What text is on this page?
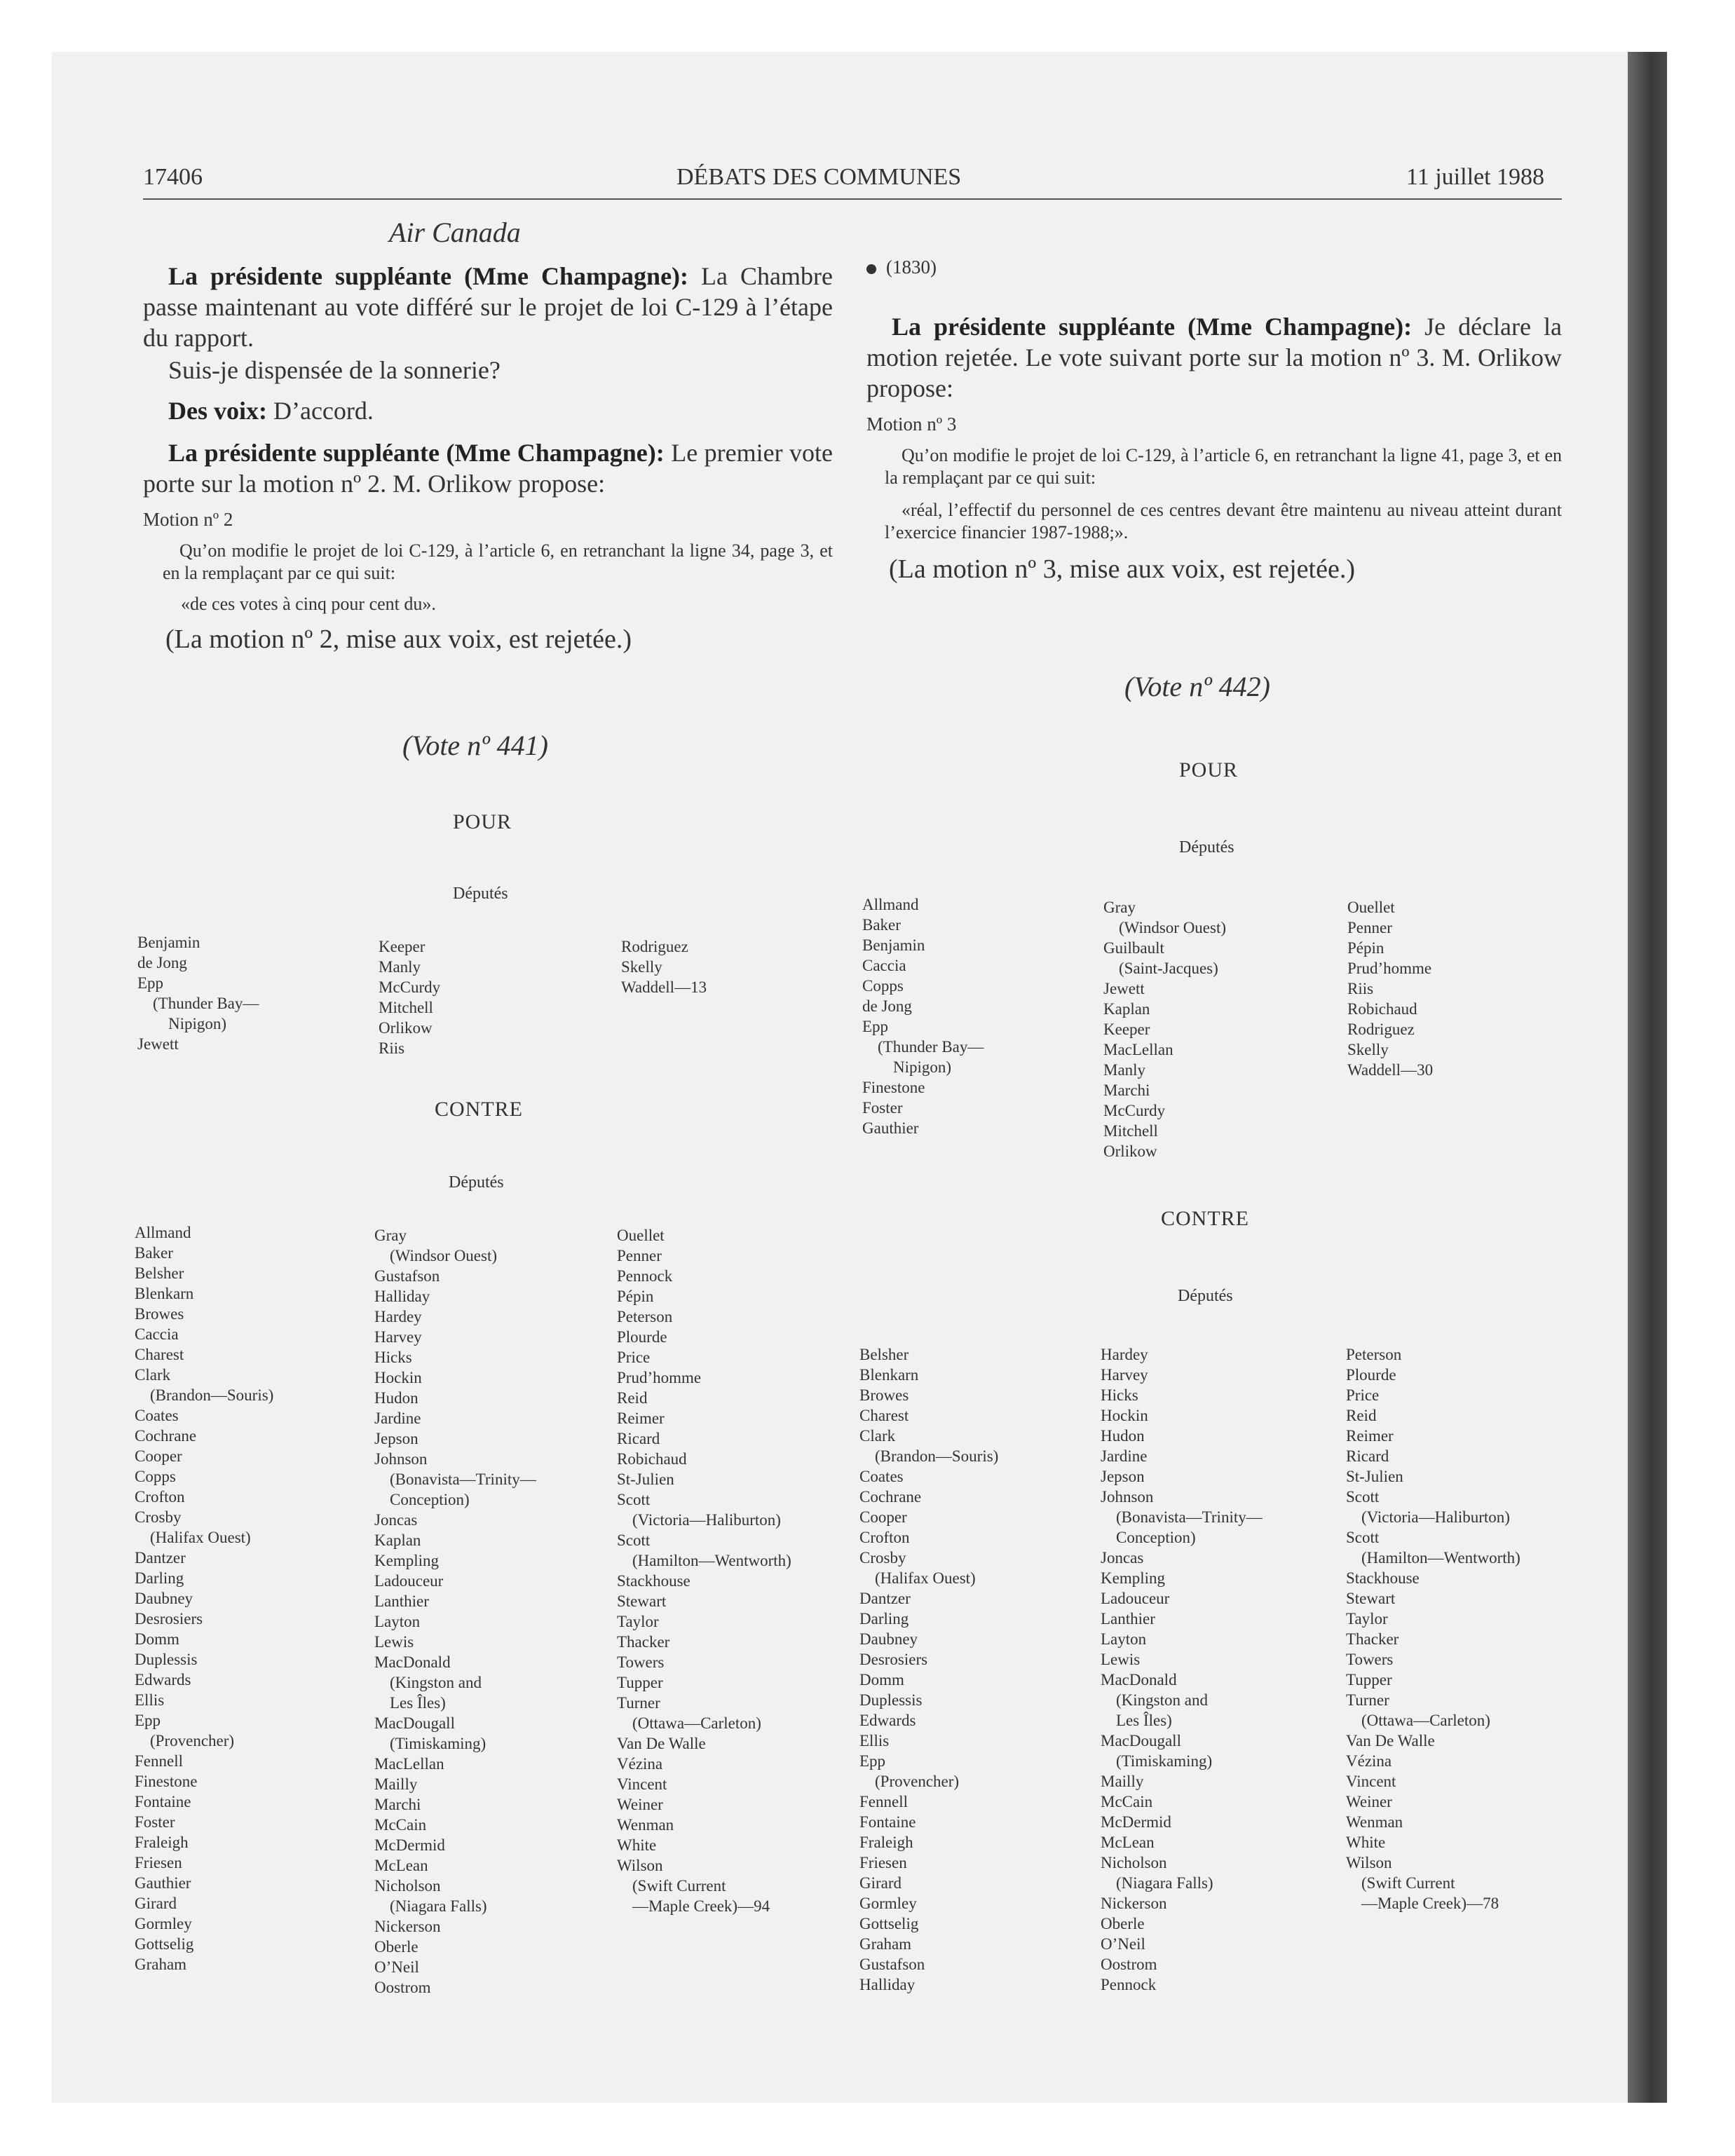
17406	DÉBATS DES COMMUNES	11 juillet 1988
Air Canada
La présidente suppléante (Mme Champagne): La Chambre passe maintenant au vote différé sur le projet de loi C-129 à l’étape du rapport.
Suis-je dispensée de la sonnerie?
Des voix: D’accord.
La présidente suppléante (Mme Champagne): Le premier vote porte sur la motion nº 2. M. Orlikow propose:
Motion nº 2
Qu’on modifie le projet de loi C-129, à l’article 6, en retranchant la ligne 34, page 3, et en la remplaçant par ce qui suit:
«de ces votes à cinq pour cent du».
(La motion nº 2, mise aux voix, est rejetée.)
(1830)
La présidente suppléante (Mme Champagne): Je déclare la motion rejetée. Le vote suivant porte sur la motion nº 3. M. Orlikow propose:
Motion nº 3
Qu’on modifie le projet de loi C-129, à l’article 6, en retranchant la ligne 41, page 3, et en la remplaçant par ce qui suit:
«réal, l’effectif du personnel de ces centres devant être maintenu au niveau atteint durant l’exercice financier 1987-1988;».
(La motion nº 3, mise aux voix, est rejetée.)
(Vote nº 441)
POUR
Députés
Benjamin
de Jong
Epp
(Thunder Bay—
Nipigon)
Jewett
Keeper
Manly
McCurdy
Mitchell
Orlikow
Riis
Rodriguez
Skelly
Waddell—13
CONTRE
Députés
Allmand
Baker
Belsher
Blenkarn
Browes
Caccia
Charest
Clark
(Brandon—Souris)
Coates
Cochrane
Cooper
Copps
Crofton
Crosby
(Halifax Ouest)
Dantzer
Darling
Daubney
Desrosiers
Domm
Duplessis
Edwards
Ellis
Epp
(Provencher)
Fennell
Finestone
Fontaine
Foster
Fraleigh
Friesen
Gauthier
Girard
Gormley
Gottselig
Graham
Gray
(Windsor Ouest)
Gustafson
Halliday
Hardey
Harvey
Hicks
Hockin
Hudon
Jardine
Jepson
Johnson
(Bonavista—Trinity—
Conception)
Joncas
Kaplan
Kempling
Ladouceur
Lanthier
Layton
Lewis
MacDonald
(Kingston and
Les Îles)
MacDougall
(Timiskaming)
MacLellan
Mailly
Marchi
McCain
McDermid
McLean
Nicholson
(Niagara Falls)
Nickerson
Oberle
O’Neil
Oostrom
Ouellet
Penner
Pennock
Pépin
Peterson
Plourde
Price
Prud’homme
Reid
Reimer
Ricard
Robichaud
St-Julien
Scott
(Victoria—Haliburton)
Scott
(Hamilton—Wentworth)
Stackhouse
Stewart
Taylor
Thacker
Towers
Tupper
Turner
(Ottawa—Carleton)
Van De Walle
Vézina
Vincent
Weiner
Wenman
White
Wilson
(Swift Current
—Maple Creek)—94
(Vote nº 442)
POUR
Députés
Allmand
Baker
Benjamin
Caccia
Copps
de Jong
Epp
(Thunder Bay—
Nipigon)
Finestone
Foster
Gauthier
Gray
(Windsor Ouest)
Guilbault
(Saint-Jacques)
Jewett
Kaplan
Keeper
MacLellan
Manly
Marchi
McCurdy
Mitchell
Orlikow
Ouellet
Penner
Pépin
Prud’homme
Riis
Robichaud
Rodriguez
Skelly
Waddell—30
CONTRE
Députés
Belsher
Blenkarn
Browes
Charest
Clark
(Brandon—Souris)
Coates
Cochrane
Cooper
Crofton
Crosby
(Halifax Ouest)
Dantzer
Darling
Daubney
Desrosiers
Domm
Duplessis
Edwards
Ellis
Epp
(Provencher)
Fennell
Fontaine
Fraleigh
Friesen
Girard
Gormley
Gottselig
Graham
Gustafson
Halliday
Hardey
Harvey
Hicks
Hockin
Hudon
Jardine
Jepson
Johnson
(Bonavista—Trinity—
Conception)
Joncas
Kempling
Ladouceur
Lanthier
Layton
Lewis
MacDonald
(Kingston and
Les Îles)
MacDougall
(Timiskaming)
Mailly
McCain
McDermid
McLean
Nicholson
(Niagara Falls)
Nickerson
Oberle
O’Neil
Oostrom
Pennock
Peterson
Plourde
Price
Reid
Reimer
Ricard
St-Julien
Scott
(Victoria—Haliburton)
Scott
(Hamilton—Wentworth)
Stackhouse
Stewart
Taylor
Thacker
Towers
Tupper
Turner
(Ottawa—Carleton)
Van De Walle
Vézina
Vincent
Weiner
Wenman
White
Wilson
(Swift Current
—Maple Creek)—78
